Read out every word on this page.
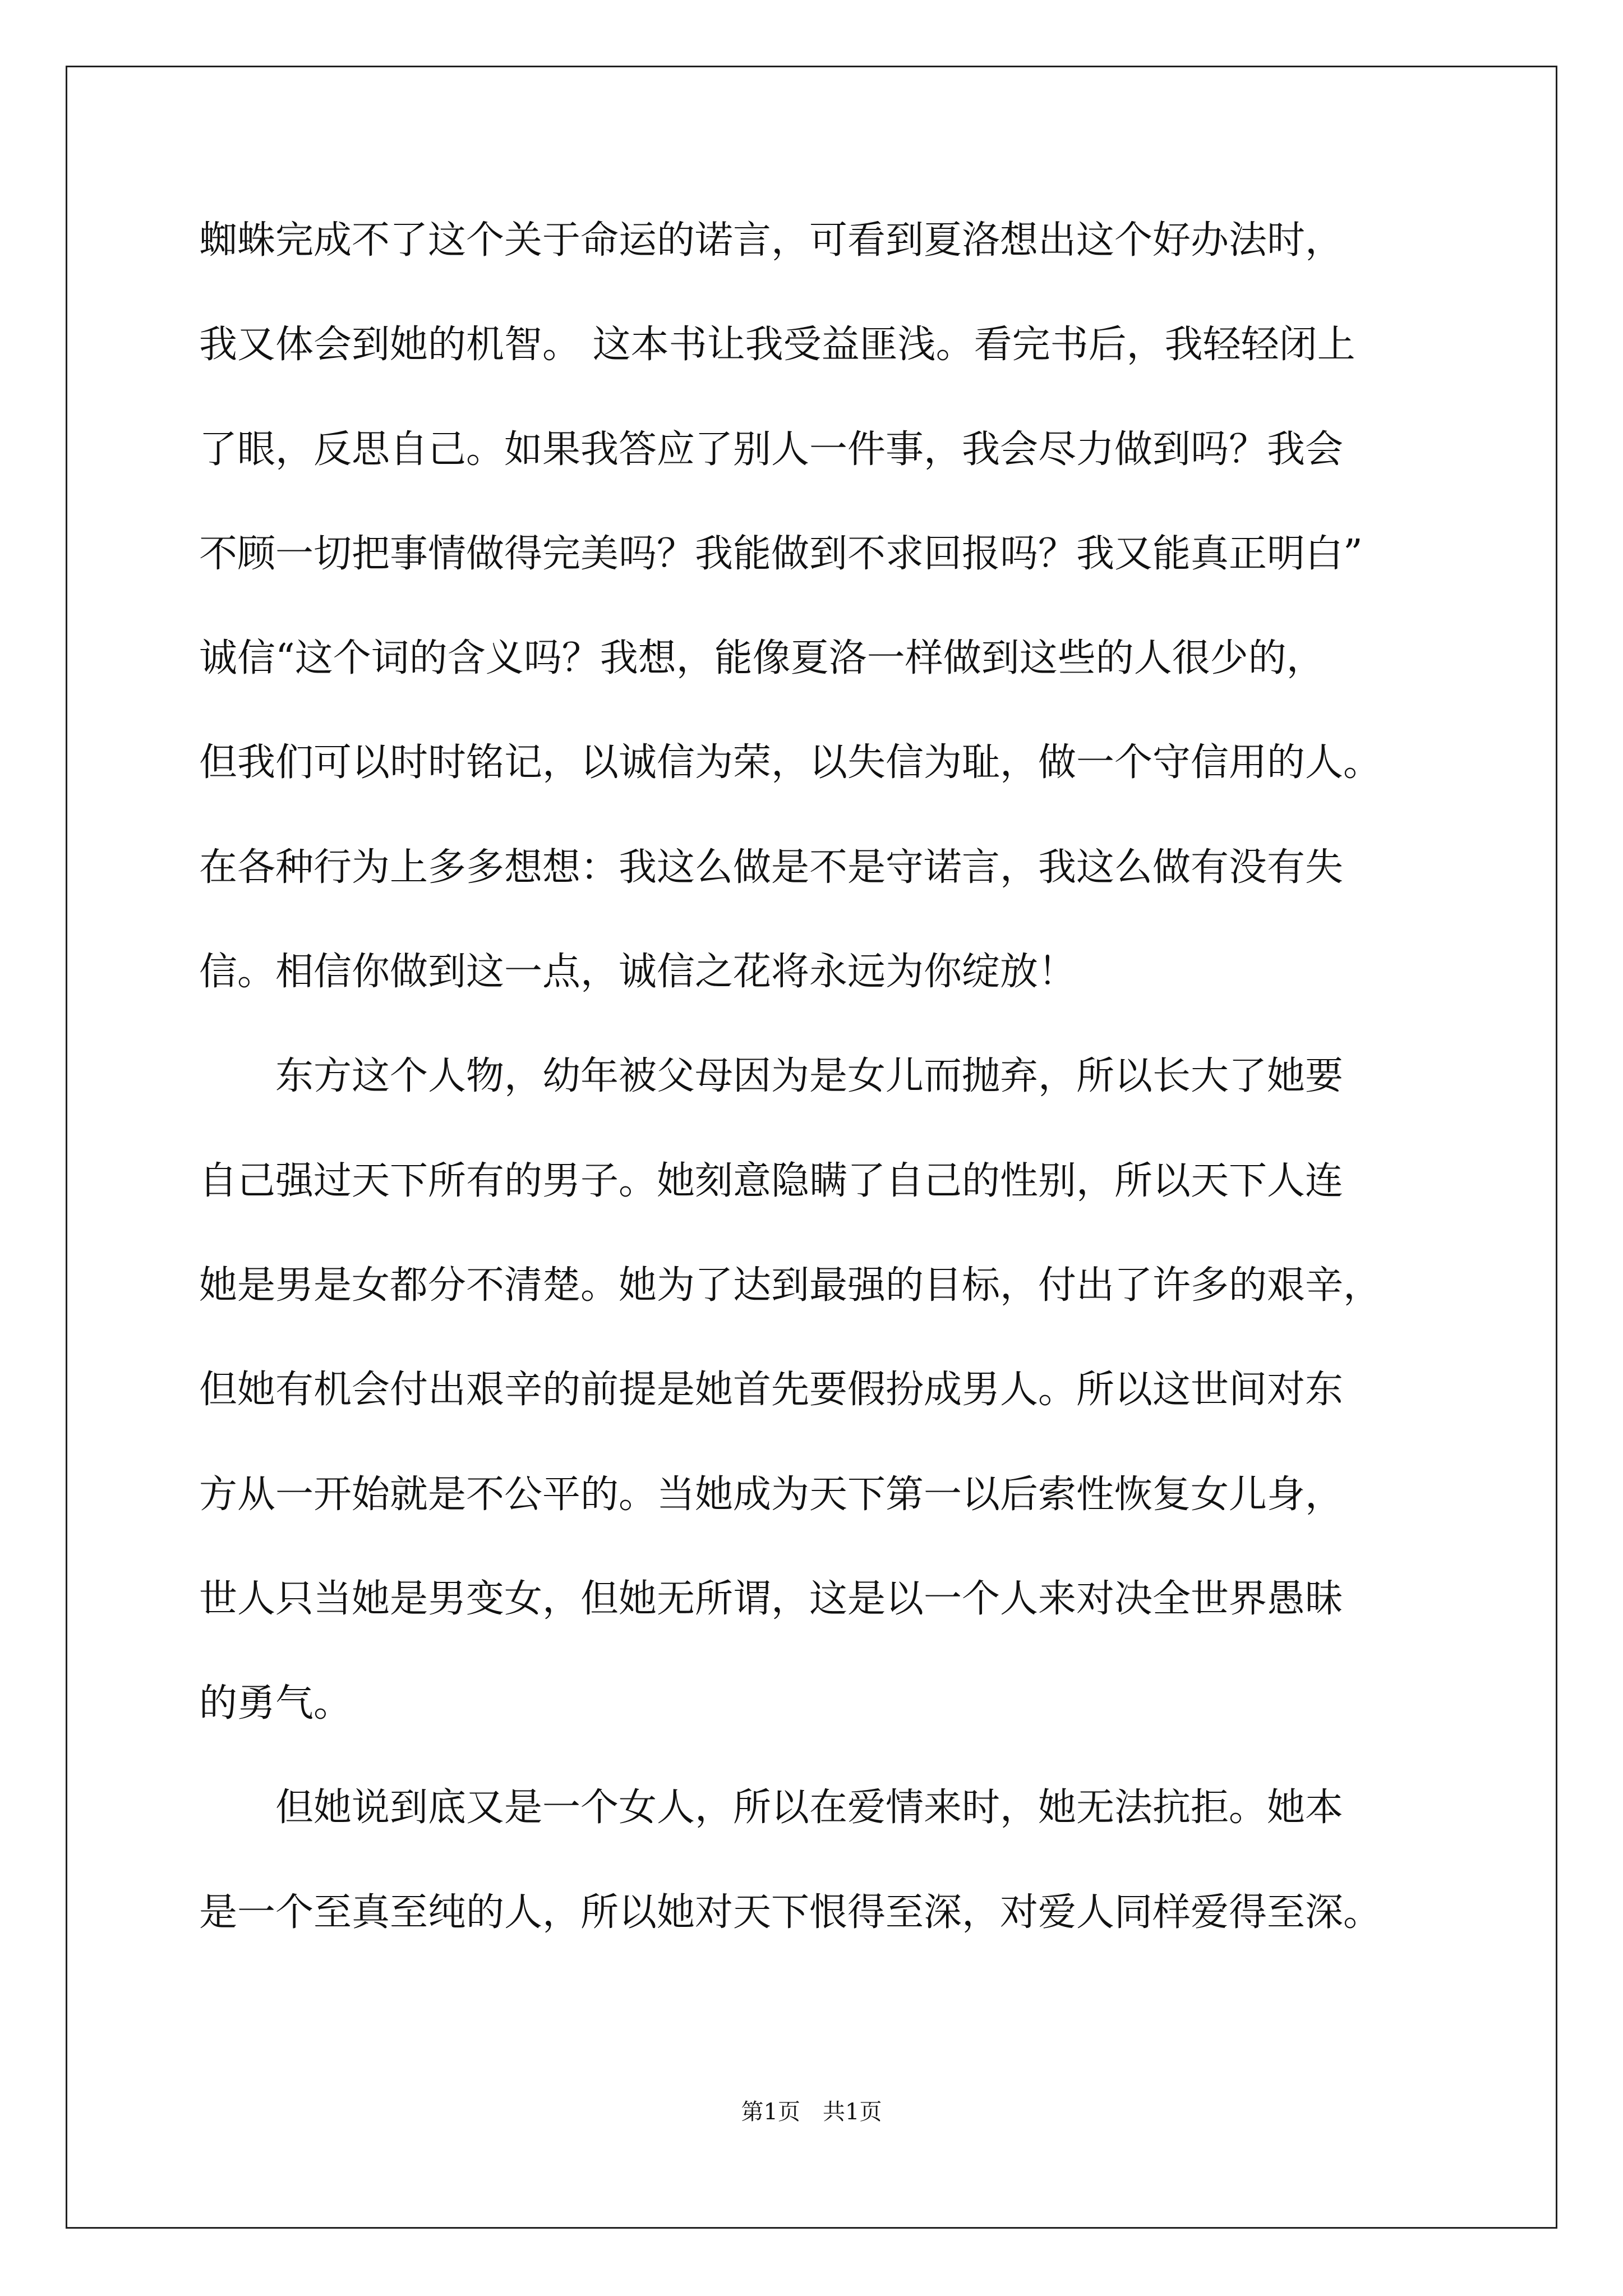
蜘蛛完成不了这个关于命运的诺言，可看到夏洛想出这个好办法时，
我又体会到她的机智。 这本书让我受益匪浅。看完书后，我轻轻闭上
了眼，反思自己。如果我答应了别人一件事，我会尽力做到吗？我会
不顾一切把事情做得完美吗？我能做到不求回报吗？我又能真正明白”
诚信“这个词的含义吗？我想，能像夏洛一样做到这些的人很少的，
但我们可以时时铭记，以诚信为荣，以失信为耻，做一个守信用的人。
在各种行为上多多想想：我这么做是不是守诺言，我这么做有没有失
信。相信你做到这一点，诚信之花将永远为你绽放！
　　东方这个人物，幼年被父母因为是女儿而抛弃，所以长大了她要
自己强过天下所有的男子。她刻意隐瞒了自己的性别，所以天下人连
她是男是女都分不清楚。她为了达到最强的目标，付出了许多的艰辛，
但她有机会付出艰辛的前提是她首先要假扮成男人。所以这世间对东
方从一开始就是不公平的。当她成为天下第一以后索性恢复女儿身，
世人只当她是男变女，但她无所谓，这是以一个人来对决全世界愚昧
的勇气。
　　但她说到底又是一个女人，所以在爱情来时，她无法抗拒。她本
是一个至真至纯的人，所以她对天下恨得至深，对爱人同样爱得至深。
第1页 共1页
